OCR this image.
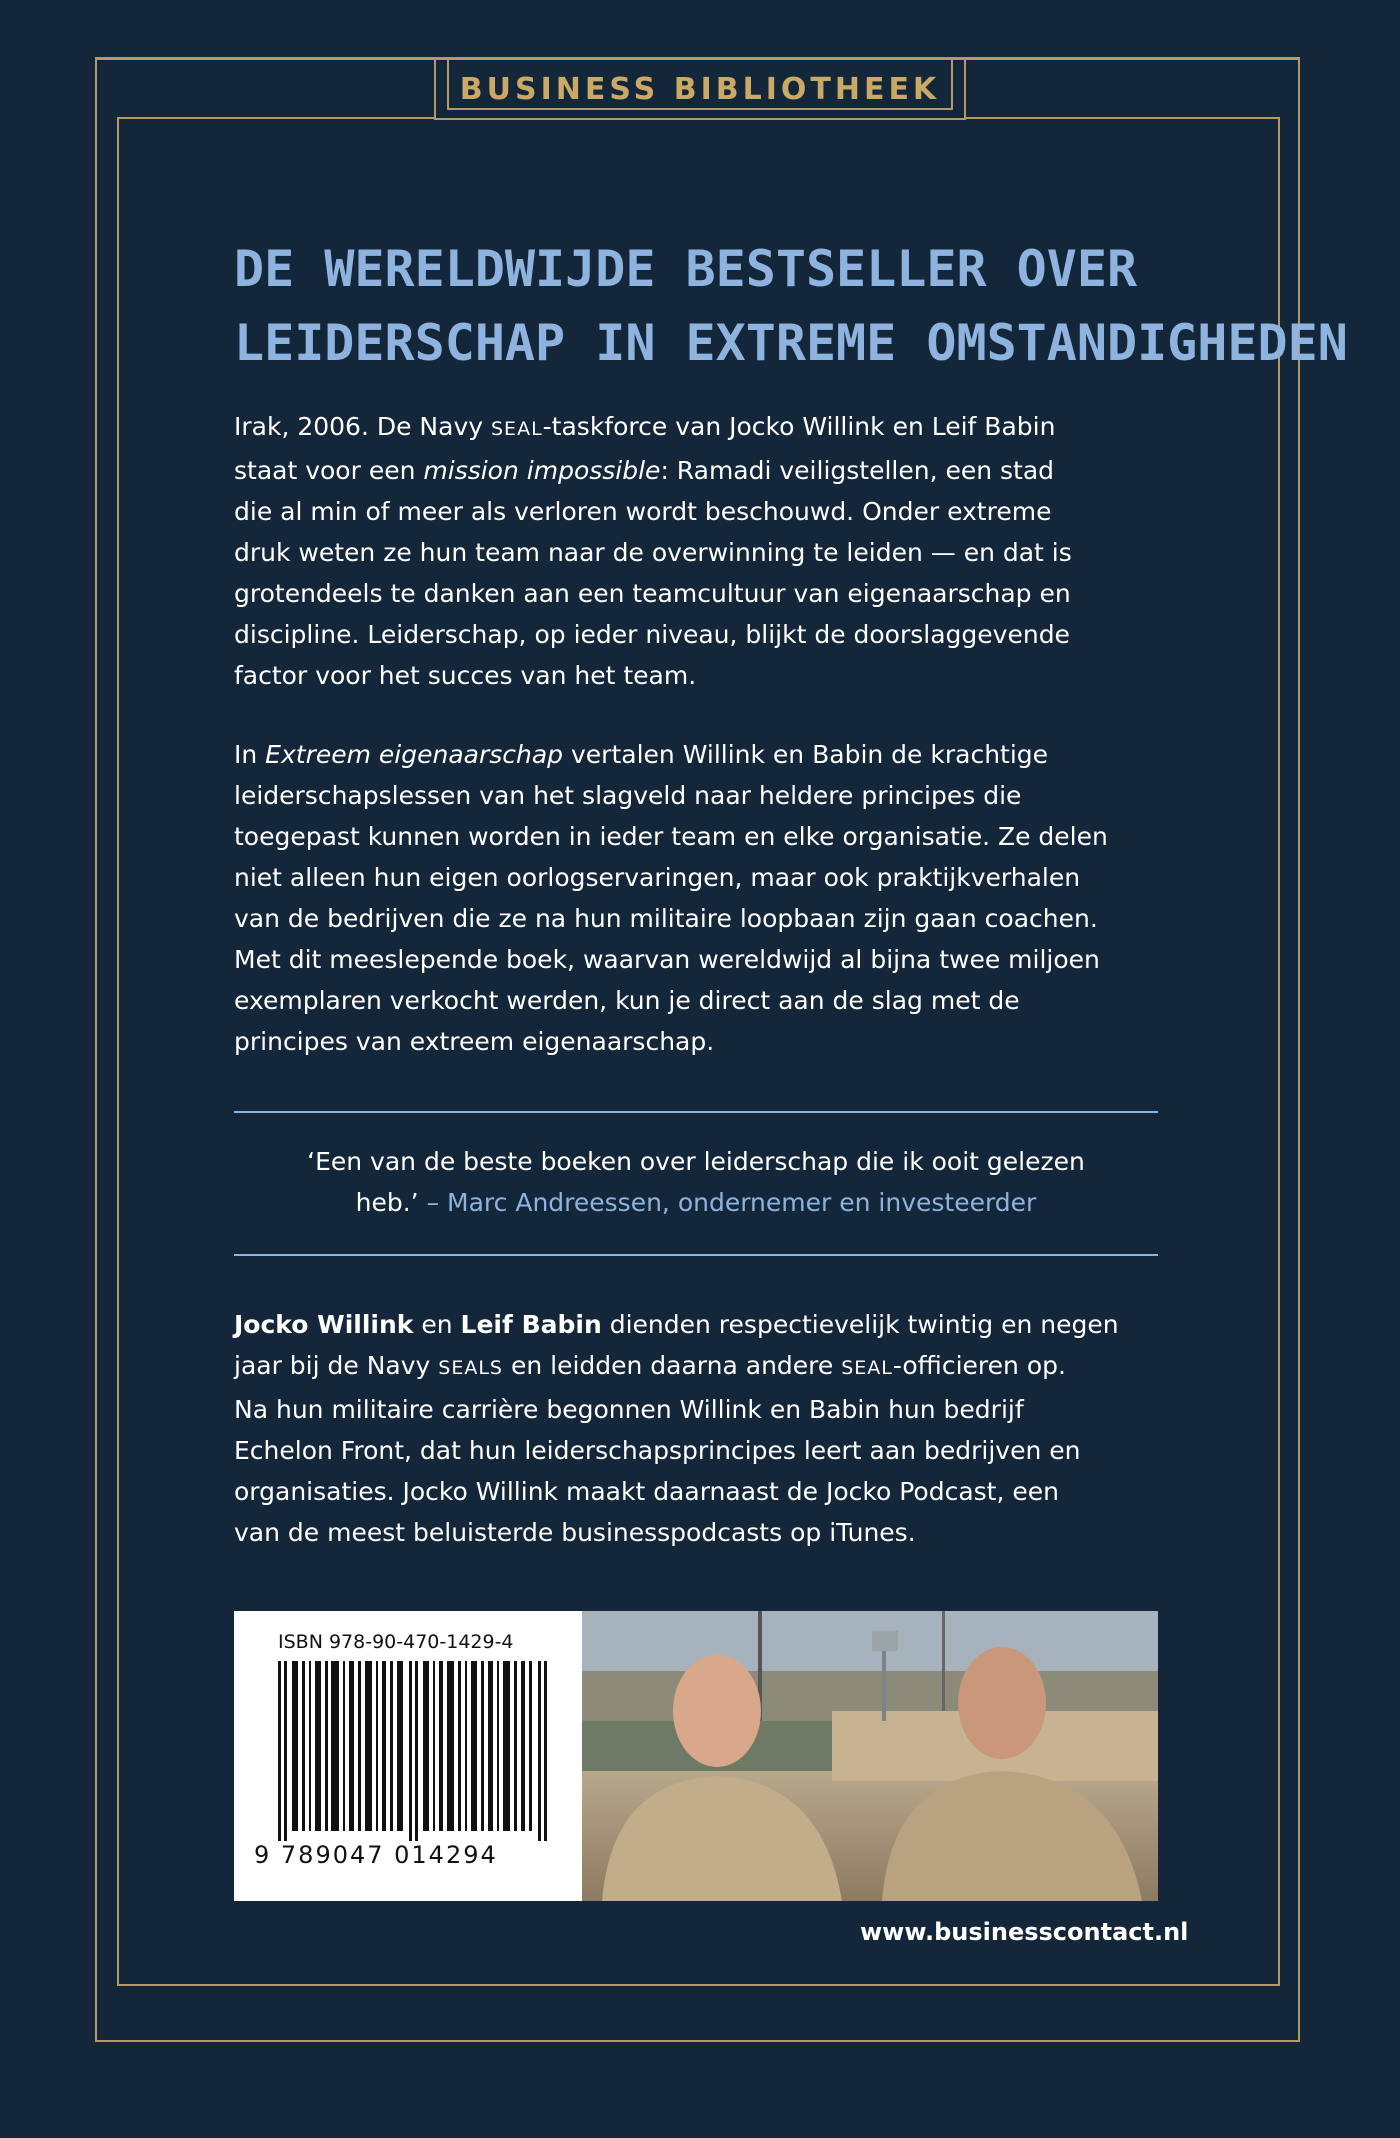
BUSINESS BIBLIOTHEEK
DE WERELDWIJDE BESTSELLER OVER
LEIDERSCHAP IN EXTREME OMSTANDIGHEDEN
Irak, 2006. De Navy SEAL-taskforce van Jocko Willink en Leif Babin
staat voor een mission impossible: Ramadi veiligstellen, een stad
die al min of meer als verloren wordt beschouwd. Onder extreme
druk weten ze hun team naar de overwinning te leiden — en dat is
grotendeels te danken aan een teamcultuur van eigenaarschap en
discipline. Leiderschap, op ieder niveau, blijkt de doorslaggevende
factor voor het succes van het team.
In Extreem eigenaarschap vertalen Willink en Babin de krachtige
leiderschapslessen van het slagveld naar heldere principes die
toegepast kunnen worden in ieder team en elke organisatie. Ze delen
niet alleen hun eigen oorlogservaringen, maar ook praktijkverhalen
van de bedrijven die ze na hun militaire loopbaan zijn gaan coachen.
Met dit meeslepende boek, waarvan wereldwijd al bijna twee miljoen
exemplaren verkocht werden, kun je direct aan de slag met de
principes van extreem eigenaarschap.
‘Een van de beste boeken over leiderschap die ik ooit gelezen
heb.’ – Marc Andreessen, ondernemer en investeerder
Jocko Willink en Leif Babin dienden respectievelijk twintig en negen
jaar bij de Navy SEALS en leidden daarna andere SEAL-officieren op.
Na hun militaire carrière begonnen Willink en Babin hun bedrijf
Echelon Front, dat hun leiderschapsprincipes leert aan bedrijven en
organisaties. Jocko Willink maakt daarnaast de Jocko Podcast, een
van de meest beluisterde businesspodcasts op iTunes.
ISBN 978-90-470-1429-4
9 789047 014294
www.businesscontact.nl
